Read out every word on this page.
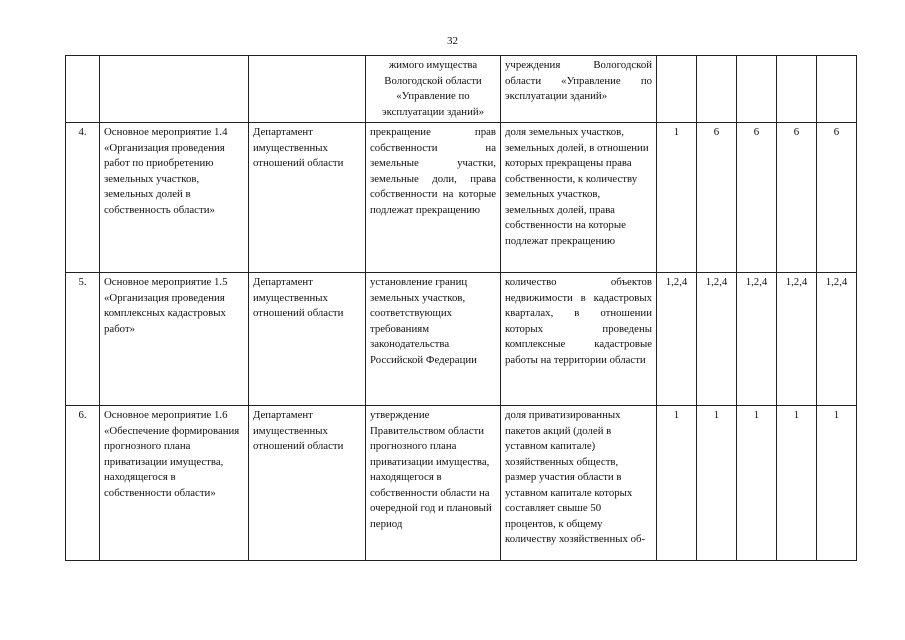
32
			жимого имущества Вологодской области «Управление по эксплуатации зданий»	учреждения Вологодской области «Управление по эксплуатации зданий»					
4.	Основное мероприятие 1.4 «Организация проведения работ по приобретению земельных участков, земельных долей в собственность области»	Департамент имущественных отношений области	прекращение прав собственности на земельные участки, земельные доли, права собственности на которые подлежат прекращению	доля земельных участков, земельных долей, в отношении которых прекращены права собственности, к количеству земельных участков, земельных долей, права собственности на которые подлежат прекращению	1	6	6	6	6
5.	Основное мероприятие 1.5 «Организация проведения комплексных кадастровых работ»	Департамент имущественных отношений области	установление границ земельных участков, соответствующих требованиям законодательства Российской Федерации	количество объектов недвижимости в кадастровых кварталах, в отношении которых проведены комплексные кадастровые работы на территории области	1,2,4	1,2,4	1,2,4	1,2,4	1,2,4
6.	Основное мероприятие 1.6 «Обеспечение формирования прогнозного плана приватизации имущества, находящегося в собственности области»	Департамент имущественных отношений области	утверждение Правительством области прогнозного плана приватизации имущества, находящегося в собственности области на очередной год и плановый период	доля приватизированных пакетов акций (долей в уставном капитале) хозяйственных обществ, размер участия области в уставном капитале которых составляет свыше 50 процентов, к общему количеству хозяйственных об-	1	1	1	1	1
